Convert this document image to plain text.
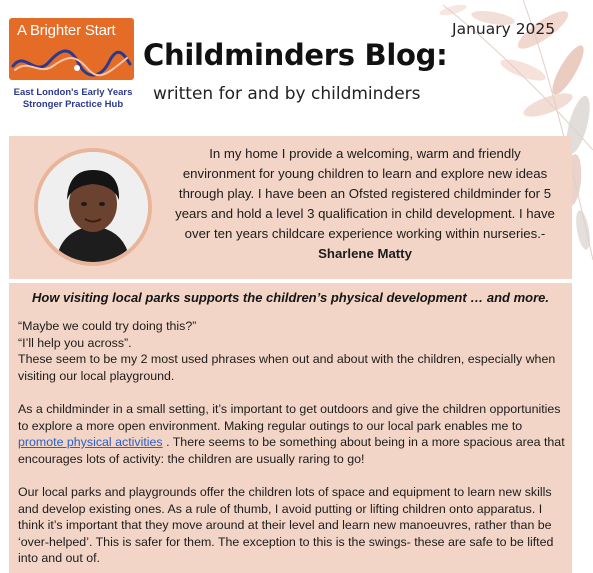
A Brighter Start
East London's Early Years
Stronger Practice Hub
Childminders Blog:
written for and by childminders
January 2025
In my home I provide a welcoming, warm and friendly environment for young children to learn and explore new ideas through play. I have been an Ofsted registered childminder for 5 years and hold a level 3 qualification in child development. I have over ten years childcare experience working within nurseries.- Sharlene Matty
How visiting local parks supports the children’s physical development … and more.

“Maybe we could try doing this?”

“I’ll help you across”.

These seem to be my 2 most used phrases when out and about with the children, especially when visiting our local playground.

As a childminder in a small setting, it’s important to get outdoors and give the children opportunities to explore a more open environment. Making regular outings to our local park enables me to promote physical activities . There seems to be something about being in a more spacious area that encourages lots of activity: the children are usually raring to go!

Our local parks and playgrounds offer the children lots of space and equipment to learn new skills and develop existing ones. As a rule of thumb, I avoid putting or lifting children onto apparatus. I think it’s important that they move around at their level and learn new manoeuvres, rather than be ‘over-helped’. This is safer for them. The exception to this is the swings- these are safe to be lifted into and out of.
